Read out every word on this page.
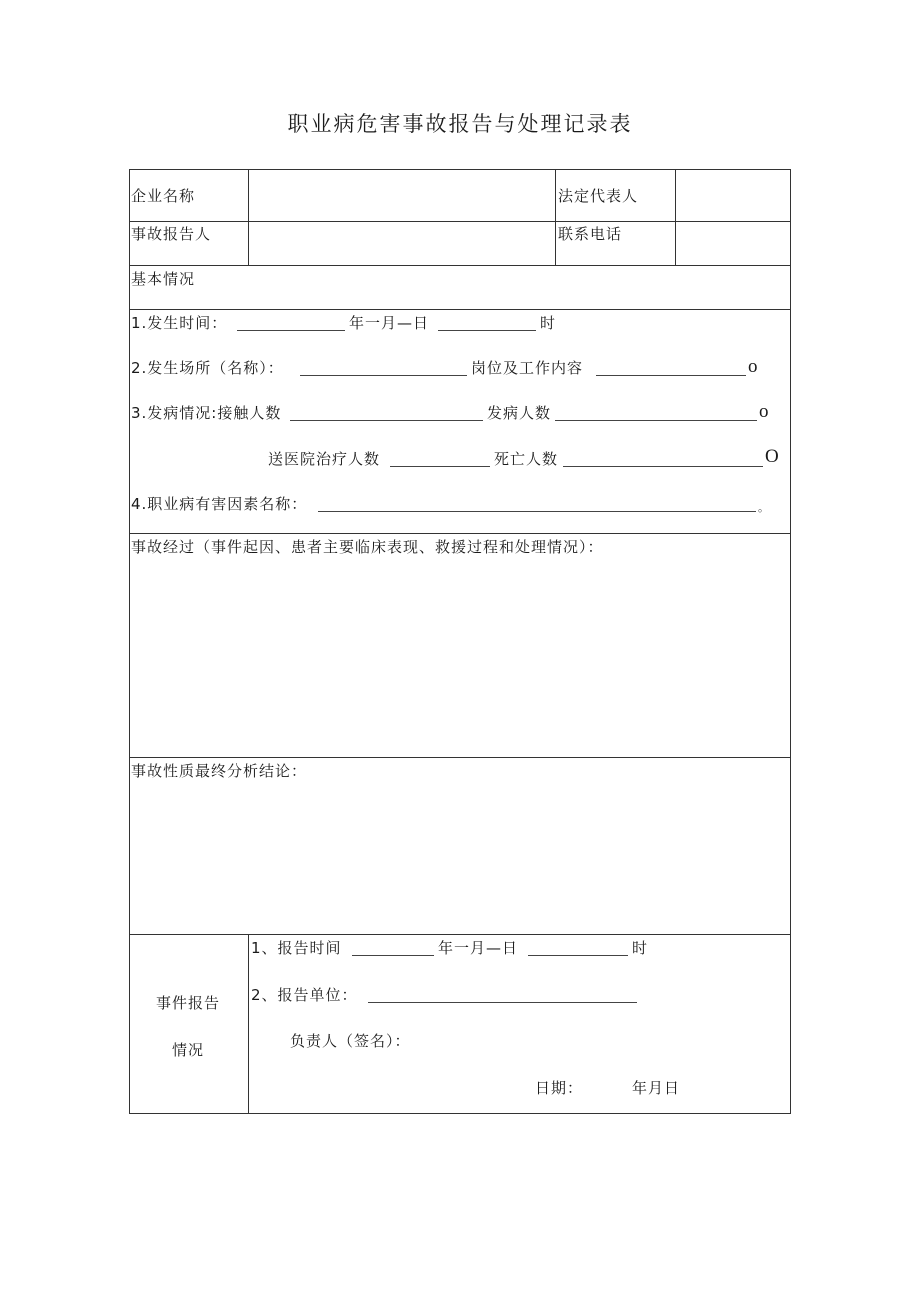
职业病危害事故报告与处理记录表
企业名称	法定代表人
事故报告人	联系电话
基本情况
1.发生时间：	年一月—日	时
2.发生场所（名称）：	岗位及工作内容	o
3.发病情况:接触人数	发病人数	o
送医院治疗人数	死亡人数	O
4.职业病有害因素名称：	。
事故经过（事件起因、患者主要临床表现、救援过程和处理情况）：
事故性质最终分析结论：
事件报告
情况
1、报告时间	年一月—日	时
2、报告单位：
负责人（签名）：
日期：	年月日
